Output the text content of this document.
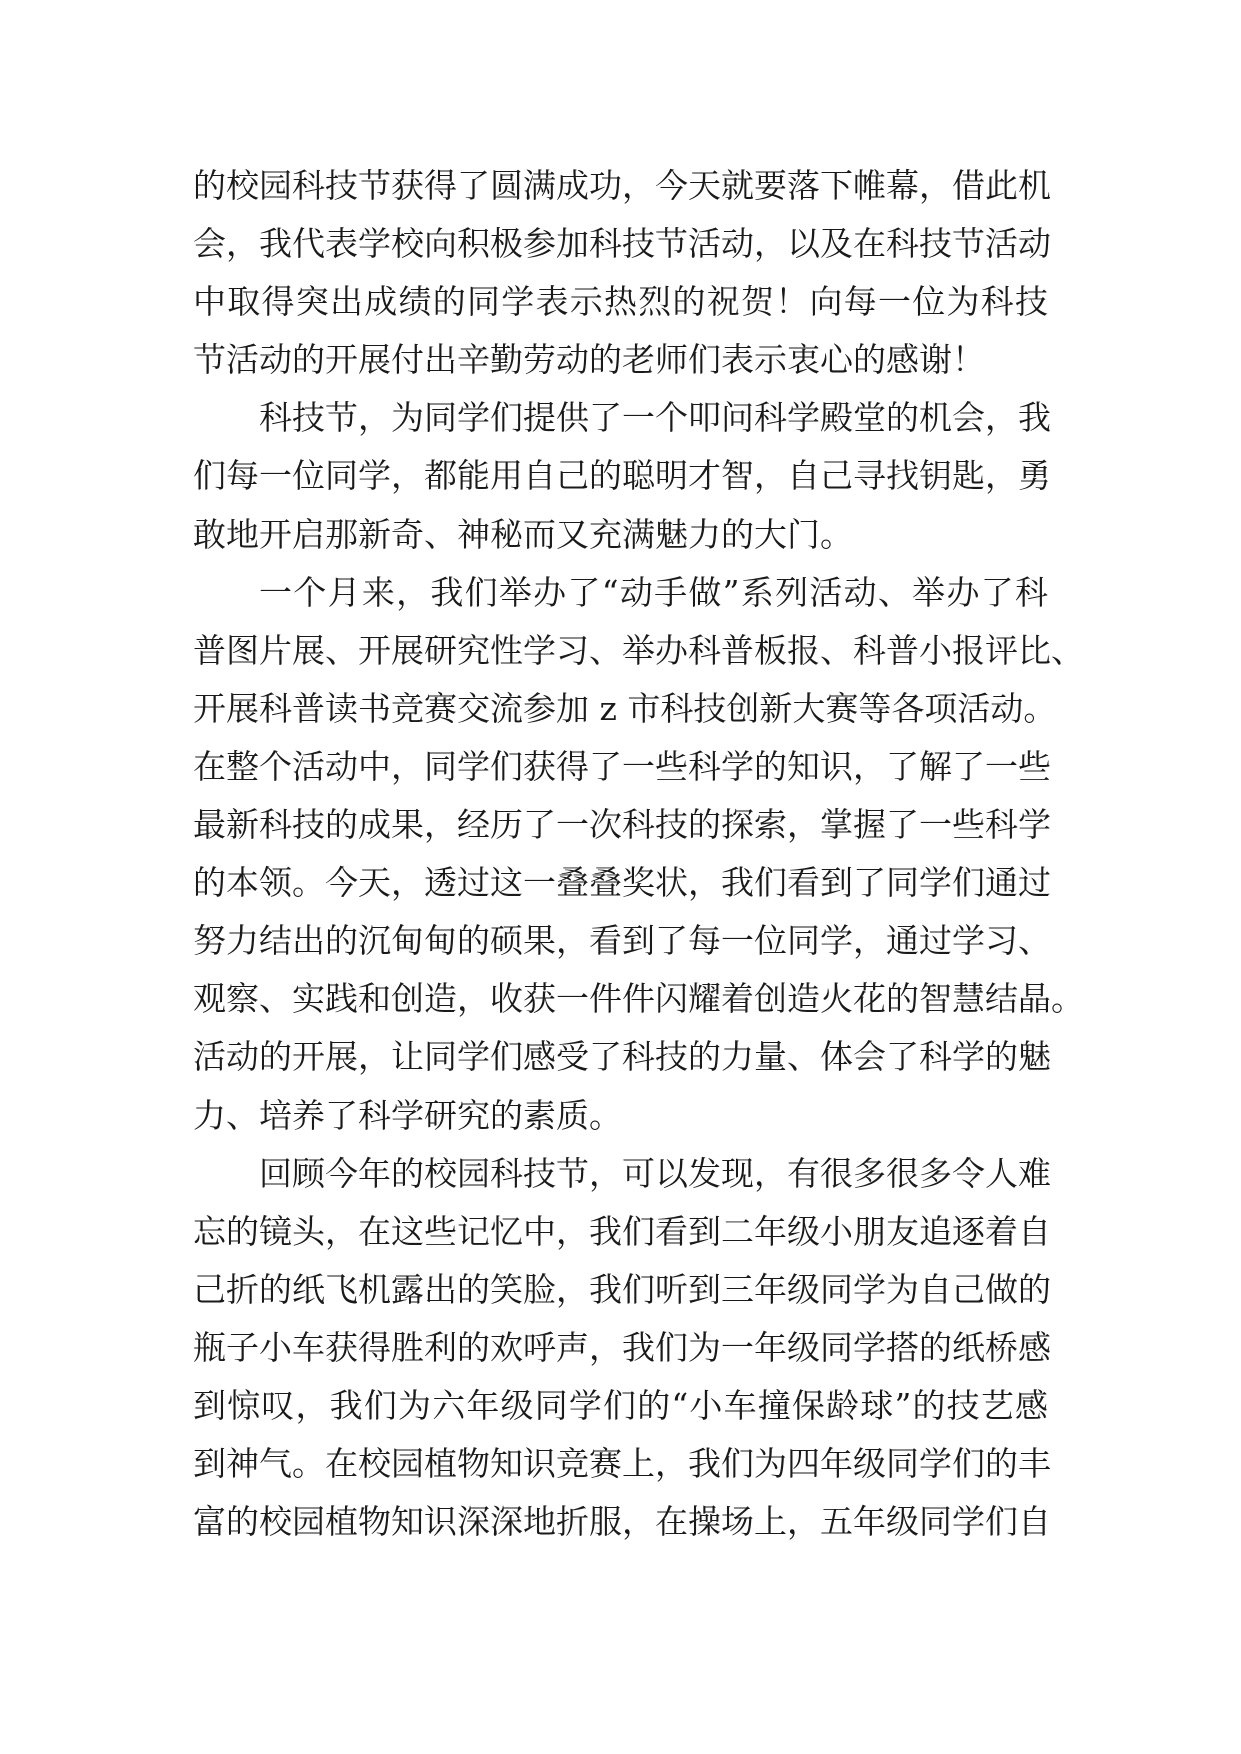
的校园科技节获得了圆满成功，今天就要落下帷幕，借此机
会，我代表学校向积极参加科技节活动，以及在科技节活动
中取得突出成绩的同学表示热烈的祝贺！向每一位为科技
节活动的开展付出辛勤劳动的老师们表示衷心的感谢！
科技节，为同学们提供了一个叩问科学殿堂的机会，我
们每一位同学，都能用自己的聪明才智，自己寻找钥匙，勇
敢地开启那新奇、神秘而又充满魅力的大门。
一个月来，我们举办了“动手做”系列活动、举办了科
普图片展、开展研究性学习、举办科普板报、科普小报评比、
开展科普读书竞赛交流参加 z 市科技创新大赛等各项活动。
在整个活动中，同学们获得了一些科学的知识，了解了一些
最新科技的成果，经历了一次科技的探索，掌握了一些科学
的本领。今天，透过这一叠叠奖状，我们看到了同学们通过
努力结出的沉甸甸的硕果，看到了每一位同学，通过学习、
观察、实践和创造，收获一件件闪耀着创造火花的智慧结晶。
活动的开展，让同学们感受了科技的力量、体会了科学的魅
力、培养了科学研究的素质。
回顾今年的校园科技节，可以发现，有很多很多令人难
忘的镜头，在这些记忆中，我们看到二年级小朋友追逐着自
己折的纸飞机露出的笑脸，我们听到三年级同学为自己做的
瓶子小车获得胜利的欢呼声，我们为一年级同学搭的纸桥感
到惊叹，我们为六年级同学们的“小车撞保龄球”的技艺感
到神气。在校园植物知识竞赛上，我们为四年级同学们的丰
富的校园植物知识深深地折服，在操场上，五年级同学们自
